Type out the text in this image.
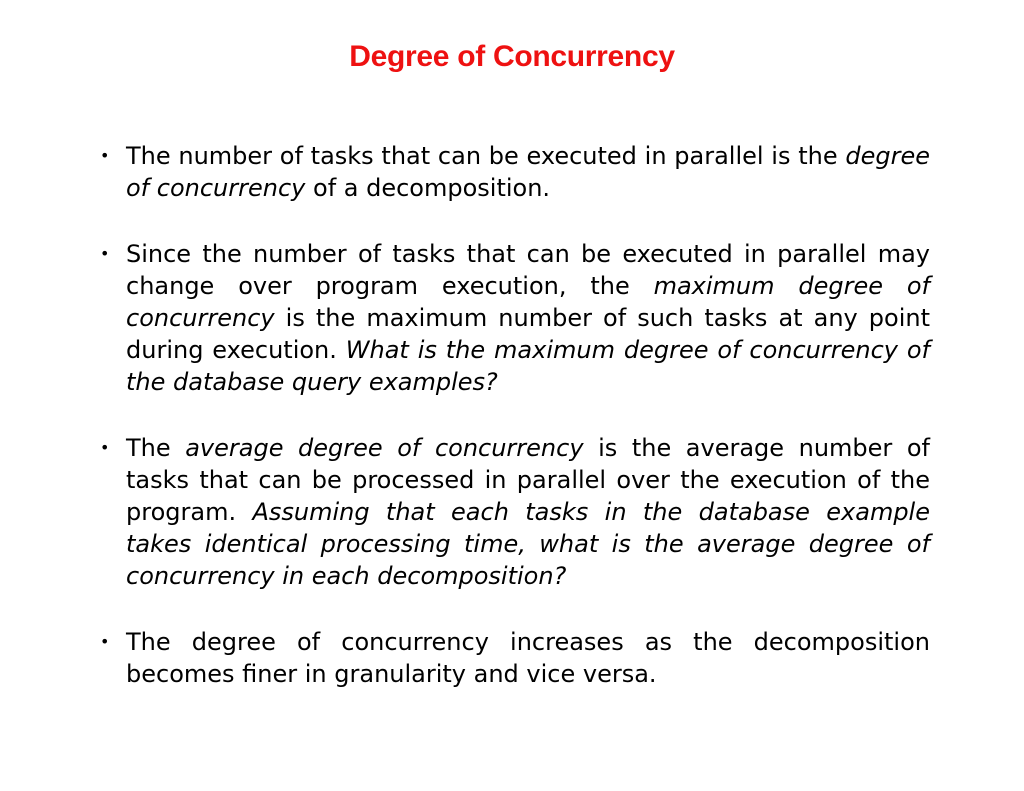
Degree of Concurrency
• The number of tasks that can be executed in parallel is the degree of concurrency of a decomposition.
• Since the number of tasks that can be executed in parallel may change over program execution, the maximum degree of concurrency is the maximum number of such tasks at any point during execution. What is the maximum degree of concurrency of the database query examples?
• The average degree of concurrency is the average number of tasks that can be processed in parallel over the execution of the program. Assuming that each tasks in the database example takes identical processing time, what is the average degree of concurrency in each decomposition?
• The degree of concurrency increases as the decomposition becomes finer in granularity and vice versa.
